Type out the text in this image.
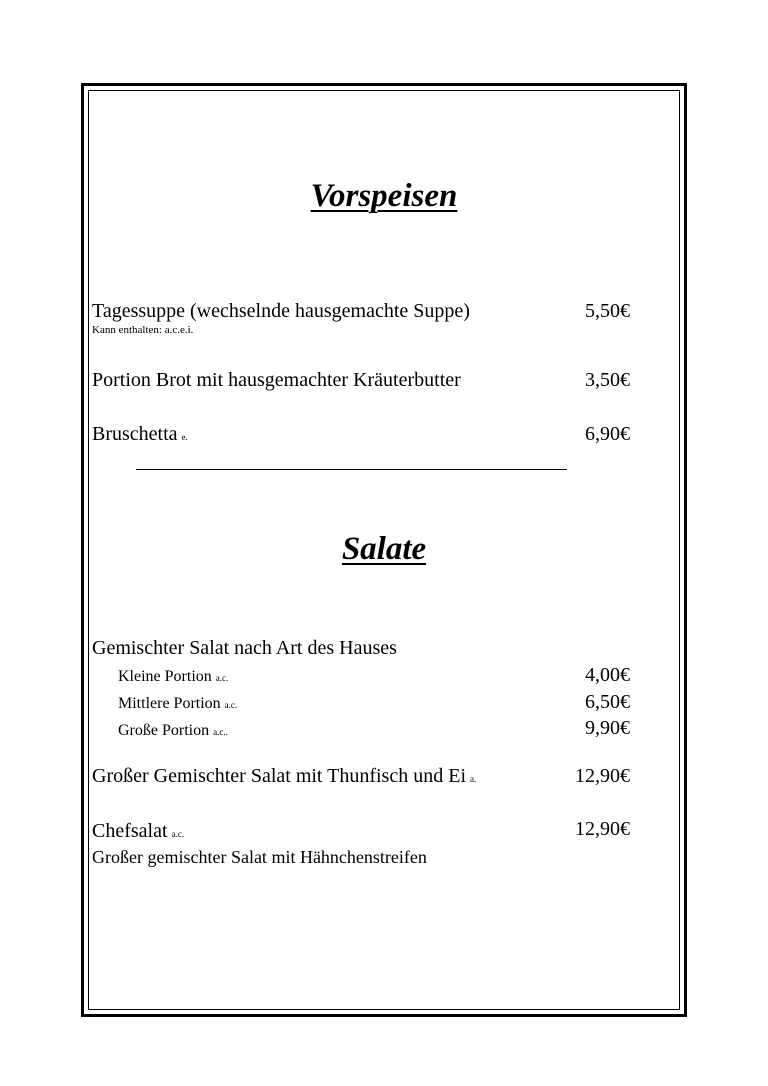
Vorspeisen
Tagessuppe (wechselnde hausgemachte Suppe)	5,50€
Kann enthalten: a.c.e.i.
Portion Brot mit hausgemachter Kräuterbutter	3,50€
Bruschetta e.	6,90€
Salate
Gemischter Salat nach Art des Hauses
Kleine Portion a.c.	4,00€
Mittlere Portion a.c.	6,50€
Große Portion a.c..	9,90€
Großer Gemischter Salat mit Thunfisch und Ei a.	12,90€
Chefsalat a.c.	12,90€
Großer gemischter Salat mit Hähnchenstreifen
